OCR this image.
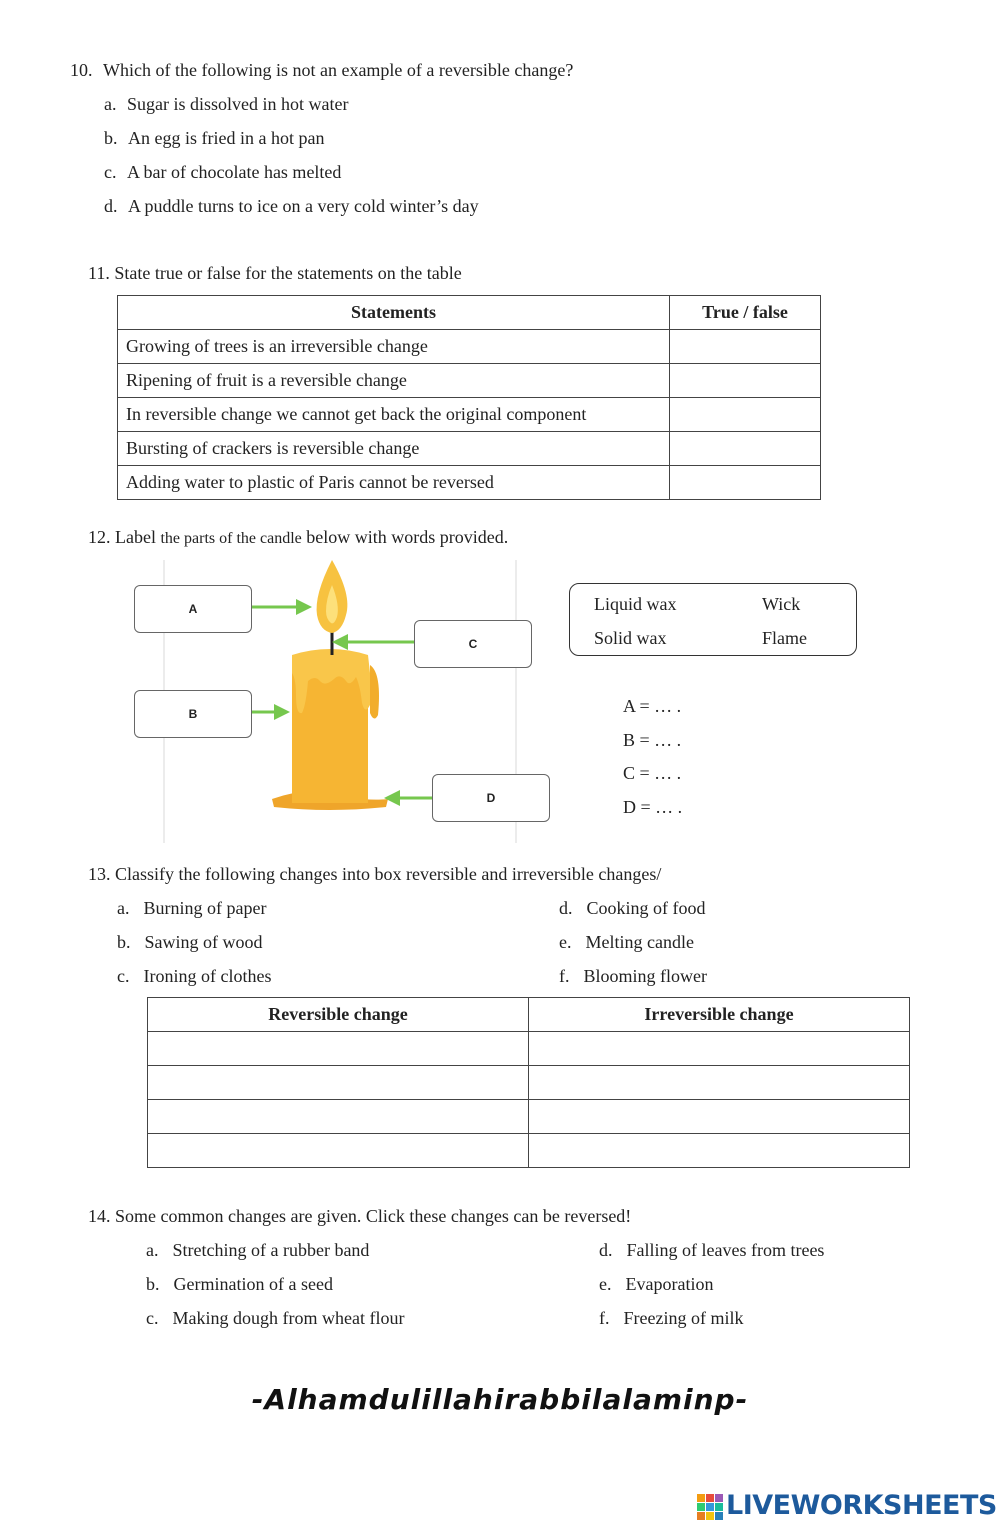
10. Which of the following is not an example of a reversible change?
a. Sugar is dissolved in hot water
b. An egg is fried in a hot pan
c. A bar of chocolate has melted
d. A puddle turns to ice on a very cold winter’s day
11. State true or false for the statements on the table
Statements	True / false
Growing of trees is an irreversible change	
Ripening of fruit is a reversible change	
In reversible change we cannot get back the original component	
Bursting of crackers is reversible change	
Adding water to plastic of Paris cannot be reversed	
12. Label the parts of the candle below with words provided.
A
C
B
D
Liquid wax	Wick
Solid wax	Flame
A = … .
B = … .
C = … .
D = … .
13. Classify the following changes into box reversible and irreversible changes/
a. Burning of paper
b. Sawing of wood
c. Ironing of clothes
d. Cooking of food
e. Melting candle
f. Blooming flower
Reversible change	Irreversible change

14. Some common changes are given. Click these changes can be reversed!
a. Stretching of a rubber band
b. Germination of a seed
c. Making dough from wheat flour
d. Falling of leaves from trees
e. Evaporation
f. Freezing of milk
-Alhamdulillahirabbilalaminp-
LIVEWORKSHEETS
